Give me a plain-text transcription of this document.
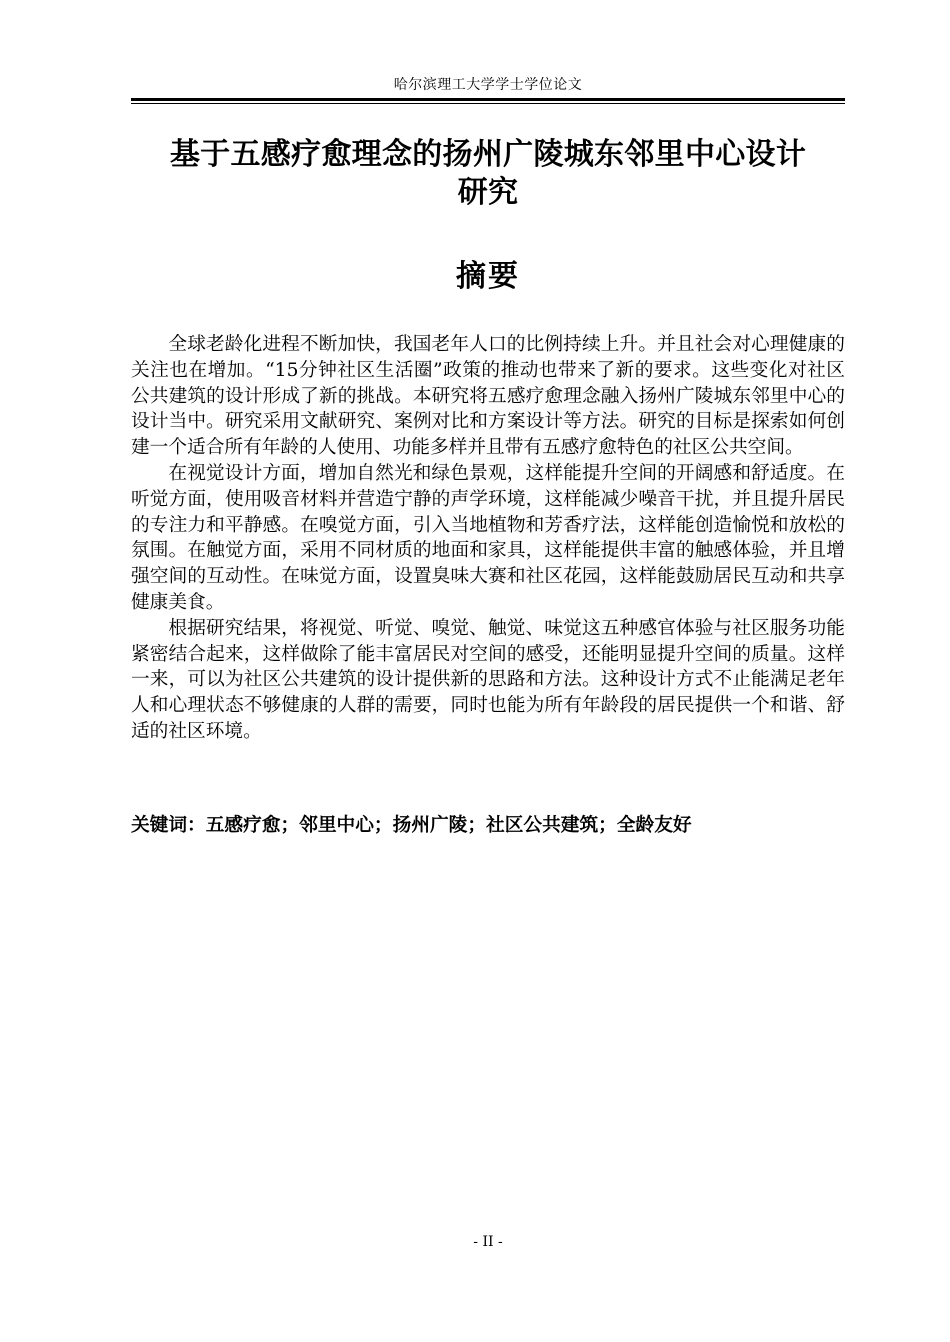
哈尔滨理工大学学士学位论文
基于五感疗愈理念的扬州广陵城东邻里中心设计
研究
摘要

全球老龄化进程不断加快，我国老年人口的比例持续上升。并且社会对心理健康的关注也在增加。“15分钟社区生活圈”政策的推动也带来了新的要求。这些变化对社区公共建筑的设计形成了新的挑战。本研究将五感疗愈理念融入扬州广陵城东邻里中心的设计当中。研究采用文献研究、案例对比和方案设计等方法。研究的目标是探索如何创建一个适合所有年龄的人使用、功能多样并且带有五感疗愈特色的社区公共空间。

在视觉设计方面，增加自然光和绿色景观，这样能提升空间的开阔感和舒适度。在听觉方面，使用吸音材料并营造宁静的声学环境，这样能减少噪音干扰，并且提升居民的专注力和平静感。在嗅觉方面，引入当地植物和芳香疗法，这样能创造愉悦和放松的氛围。在触觉方面，采用不同材质的地面和家具，这样能提供丰富的触感体验，并且增强空间的互动性。在味觉方面，设置臭味大赛和社区花园，这样能鼓励居民互动和共享健康美食。

根据研究结果，将视觉、听觉、嗅觉、触觉、味觉这五种感官体验与社区服务功能紧密结合起来，这样做除了能丰富居民对空间的感受，还能明显提升空间的质量。这样一来，可以为社区公共建筑的设计提供新的思路和方法。这种设计方式不止能满足老年人和心理状态不够健康的人群的需要，同时也能为所有年龄段的居民提供一个和谐、舒适的社区环境。

关键词：五感疗愈；邻里中心；扬州广陵；社区公共建筑；全龄友好
- II -
